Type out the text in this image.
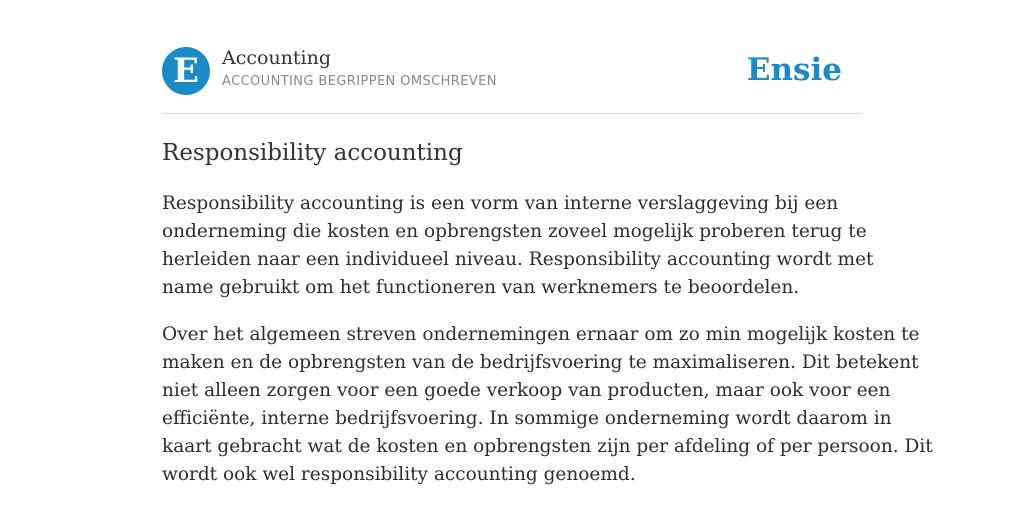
E	Accounting
ACCOUNTING BEGRIPPEN OMSCHREVEN	Ensie
Responsibility accounting

Responsibility accounting is een vorm van interne verslaggeving bij een
onderneming die kosten en opbrengsten zoveel mogelijk proberen terug te
herleiden naar een individueel niveau. Responsibility accounting wordt met
name gebruikt om het functioneren van werknemers te beoordelen.

Over het algemeen streven ondernemingen ernaar om zo min mogelijk kosten te
maken en de opbrengsten van de bedrijfsvoering te maximaliseren. Dit betekent
niet alleen zorgen voor een goede verkoop van producten, maar ook voor een
efficiënte, interne bedrijfsvoering. In sommige onderneming wordt daarom in
kaart gebracht wat de kosten en opbrengsten zijn per afdeling of per persoon. Dit
wordt ook wel responsibility accounting genoemd.
